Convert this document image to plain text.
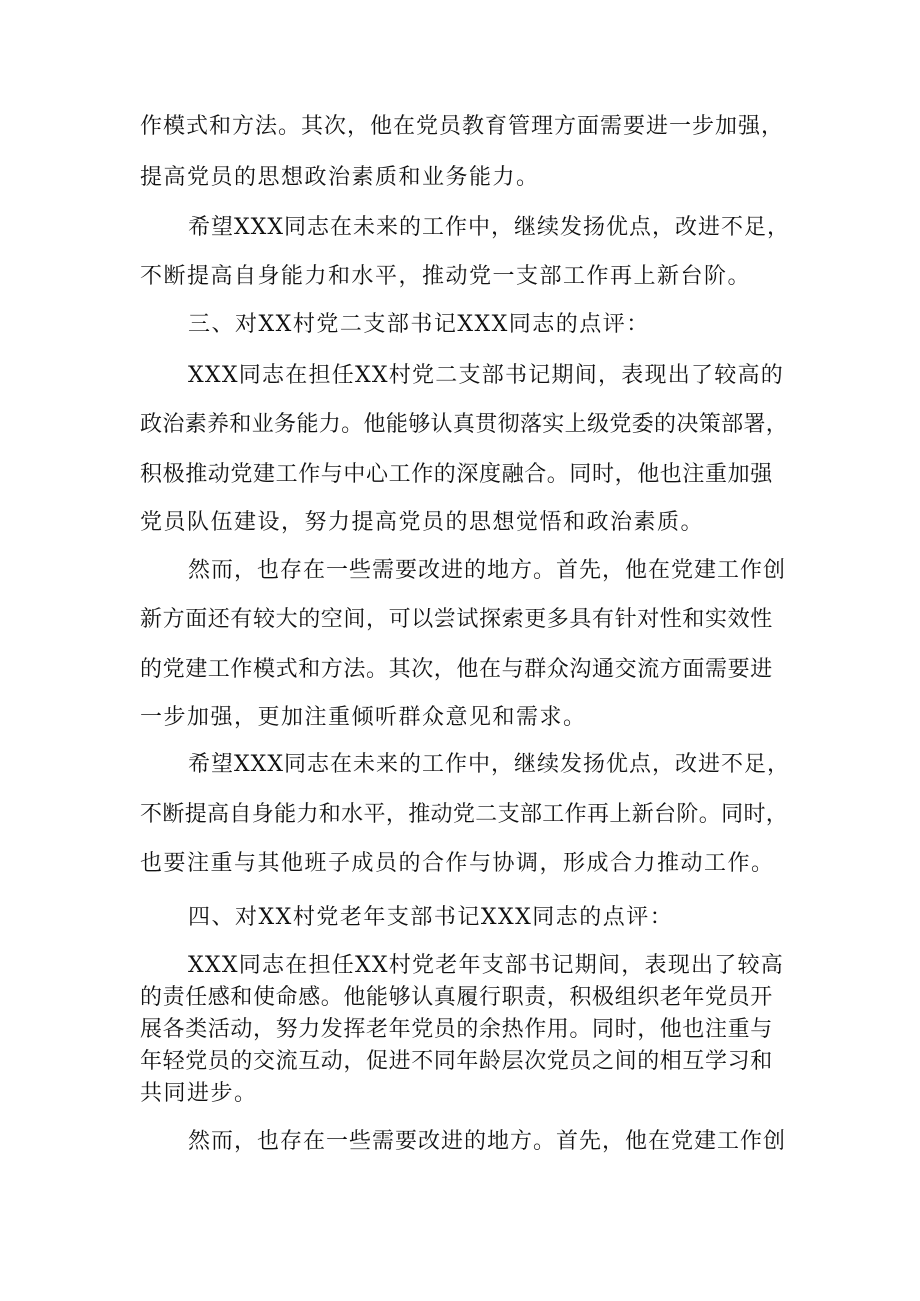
作模式和方法。其次，他在党员教育管理方面需要进一步加强，
提高党员的思想政治素质和业务能力。
希望XXX同志在未来的工作中，继续发扬优点，改进不足，
不断提高自身能力和水平，推动党一支部工作再上新台阶。
三、对XX村党二支部书记XXX同志的点评：
XXX同志在担任XX村党二支部书记期间，表现出了较高的
政治素养和业务能力。他能够认真贯彻落实上级党委的决策部署，
积极推动党建工作与中心工作的深度融合。同时，他也注重加强
党员队伍建设，努力提高党员的思想觉悟和政治素质。
然而，也存在一些需要改进的地方。首先，他在党建工作创
新方面还有较大的空间，可以尝试探索更多具有针对性和实效性
的党建工作模式和方法。其次，他在与群众沟通交流方面需要进
一步加强，更加注重倾听群众意见和需求。
希望XXX同志在未来的工作中，继续发扬优点，改进不足，
不断提高自身能力和水平，推动党二支部工作再上新台阶。同时，
也要注重与其他班子成员的合作与协调，形成合力推动工作。
四、对XX村党老年支部书记XXX同志的点评：
XXX同志在担任XX村党老年支部书记期间，表现出了较高
的责任感和使命感。他能够认真履行职责，积极组织老年党员开
展各类活动，努力发挥老年党员的余热作用。同时，他也注重与
年轻党员的交流互动，促进不同年龄层次党员之间的相互学习和
共同进步。
然而，也存在一些需要改进的地方。首先，他在党建工作创
